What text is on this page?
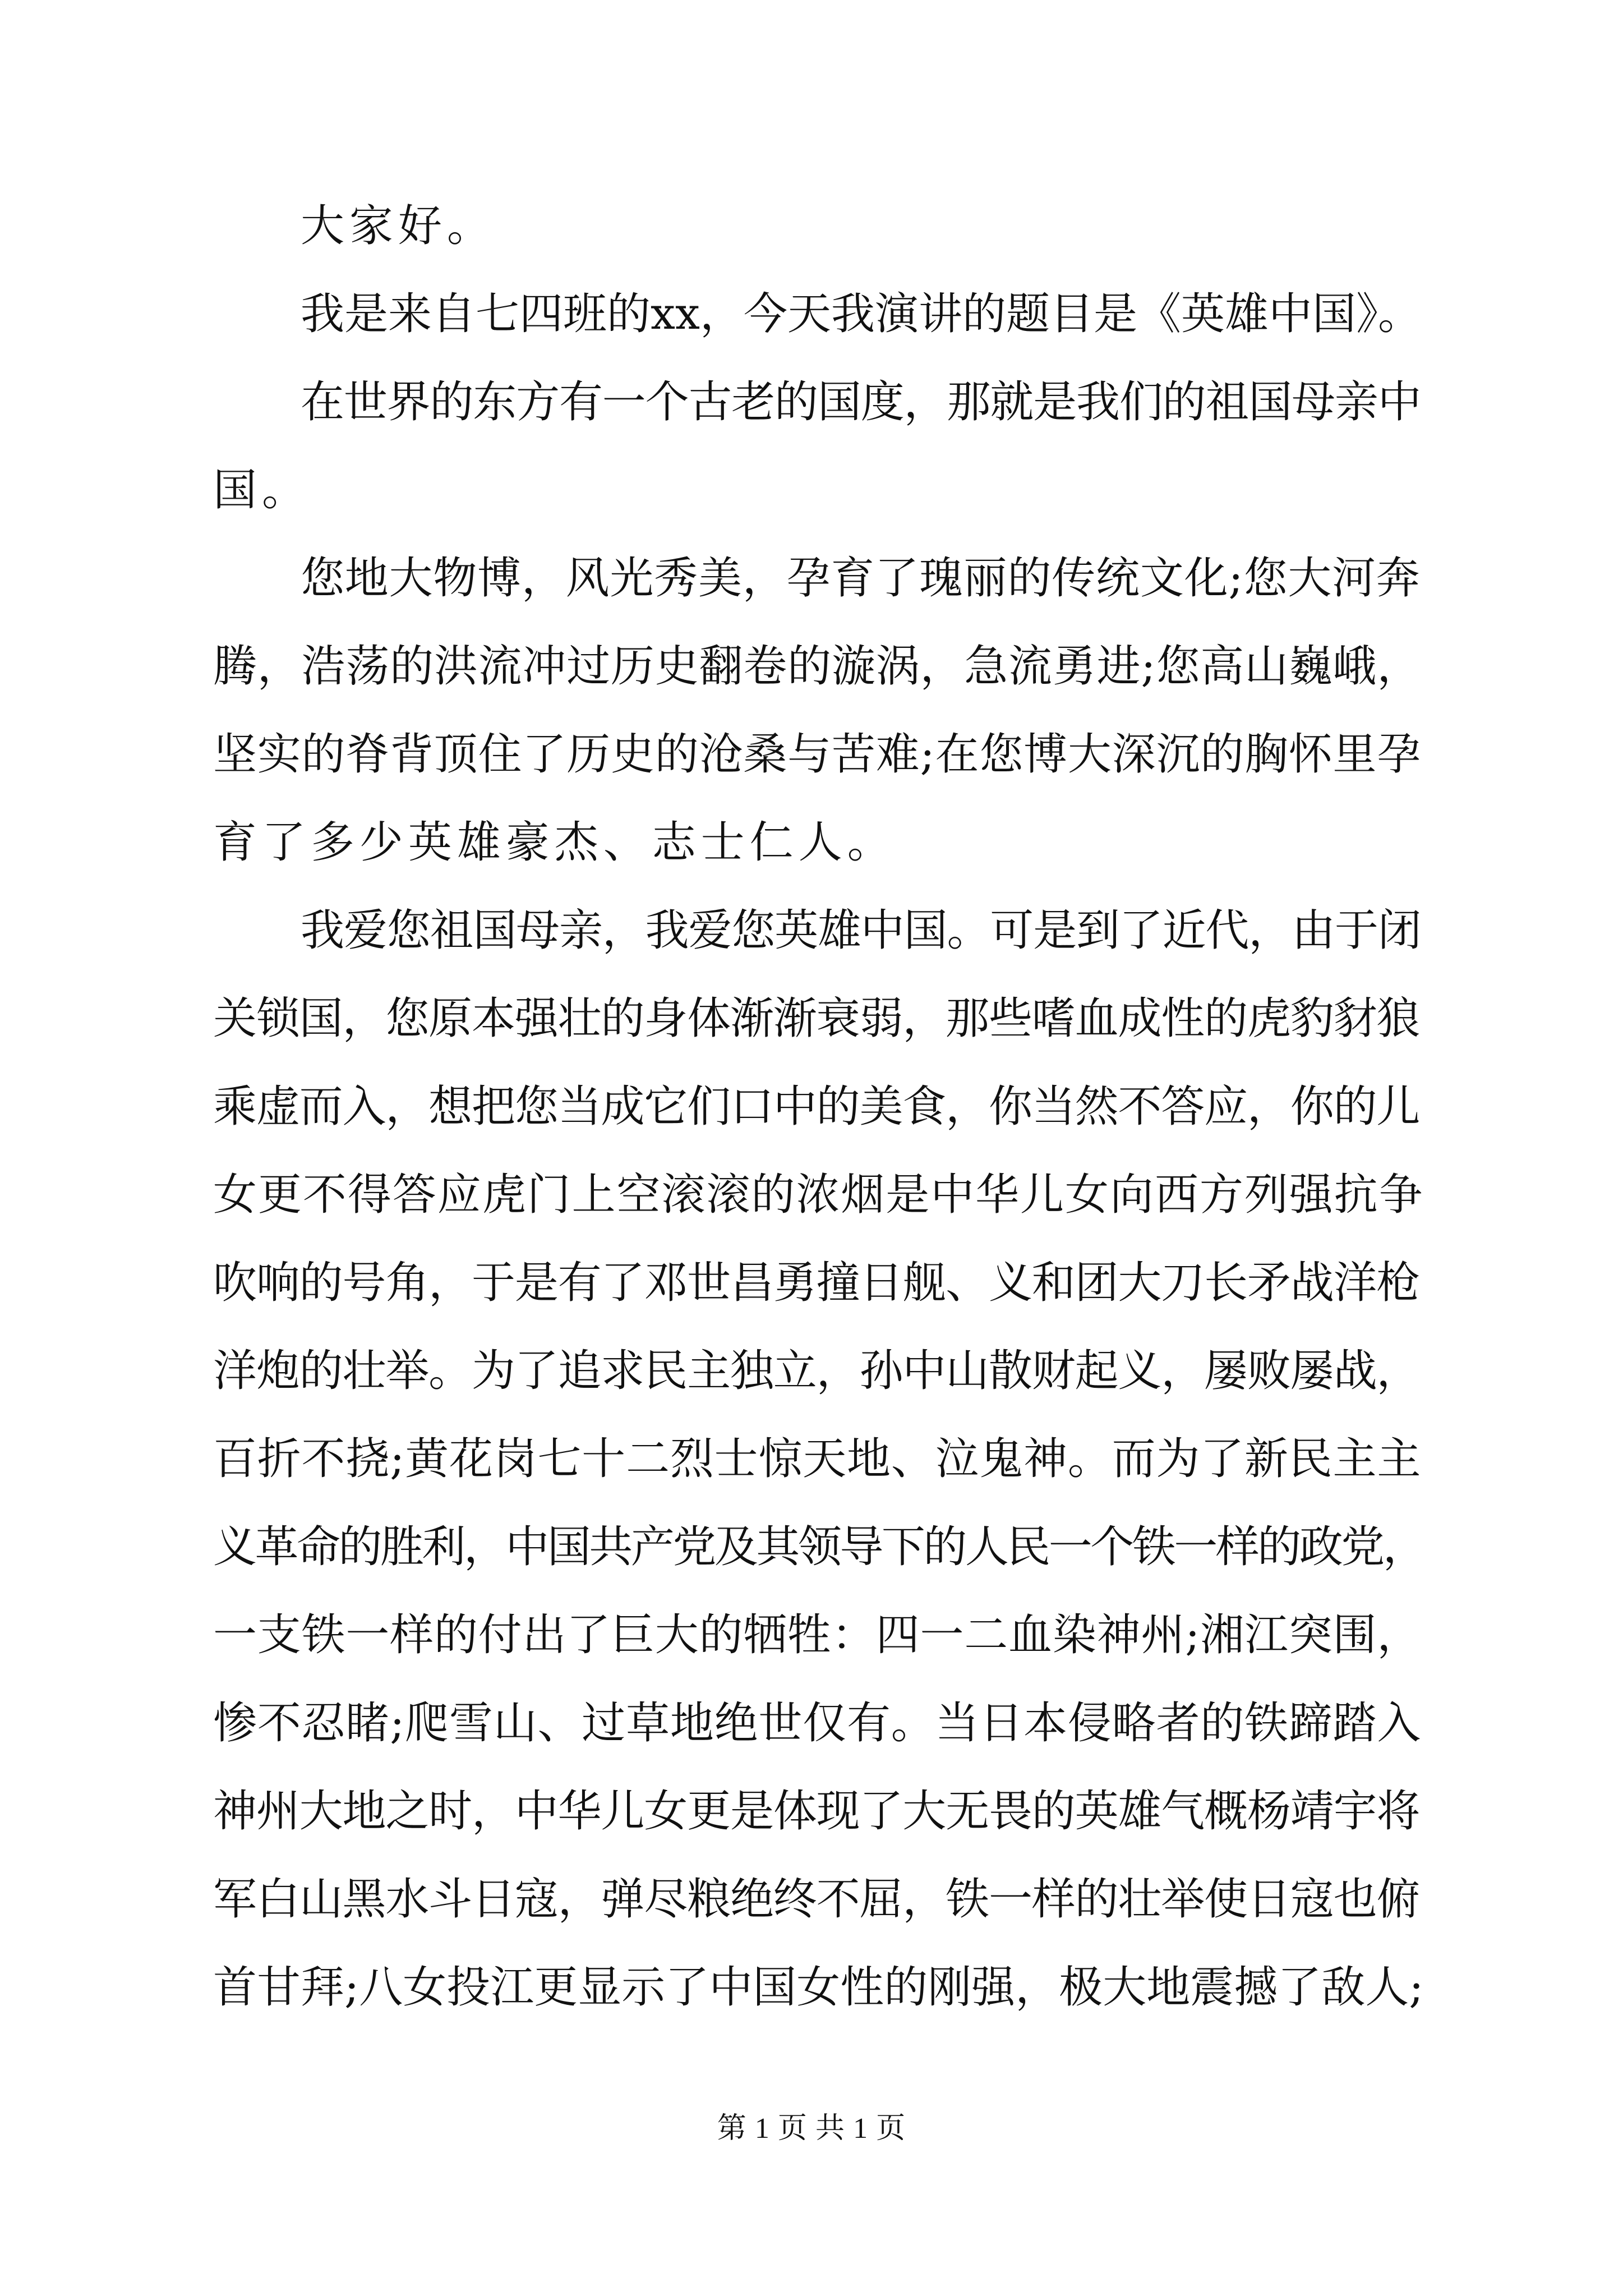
大家好。

我是来自七四班的xx，今天我演讲的题目是《英雄中国》。

在世界的东方有一个古老的国度，那就是我们的祖国母亲中
国。

您地大物博，风光秀美，孕育了瑰丽的传统文化;您大河奔
腾，浩荡的洪流冲过历史翻卷的漩涡，急流勇进;您高山巍峨，
坚实的脊背顶住了历史的沧桑与苦难;在您博大深沉的胸怀里孕
育了多少英雄豪杰、志士仁人。

我爱您祖国母亲，我爱您英雄中国。可是到了近代，由于闭
关锁国，您原本强壮的身体渐渐衰弱，那些嗜血成性的虎豹豺狼
乘虚而入，想把您当成它们口中的美食，你当然不答应，你的儿
女更不得答应虎门上空滚滚的浓烟是中华儿女向西方列强抗争
吹响的号角，于是有了邓世昌勇撞日舰、义和团大刀长矛战洋枪
洋炮的壮举。为了追求民主独立，孙中山散财起义，屡败屡战，
百折不挠;黄花岗七十二烈士惊天地、泣鬼神。而为了新民主主
义革命的胜利，中国共产党及其领导下的人民一个铁一样的政党，
一支铁一样的付出了巨大的牺牲：四一二血染神州;湘江突围，
惨不忍睹;爬雪山、过草地绝世仅有。当日本侵略者的铁蹄踏入
神州大地之时，中华儿女更是体现了大无畏的英雄气概杨靖宇将
军白山黑水斗日寇，弹尽粮绝终不屈，铁一样的壮举使日寇也俯
首甘拜;八女投江更显示了中国女性的刚强，极大地震撼了敌人;

第 1 页 共 1 页
